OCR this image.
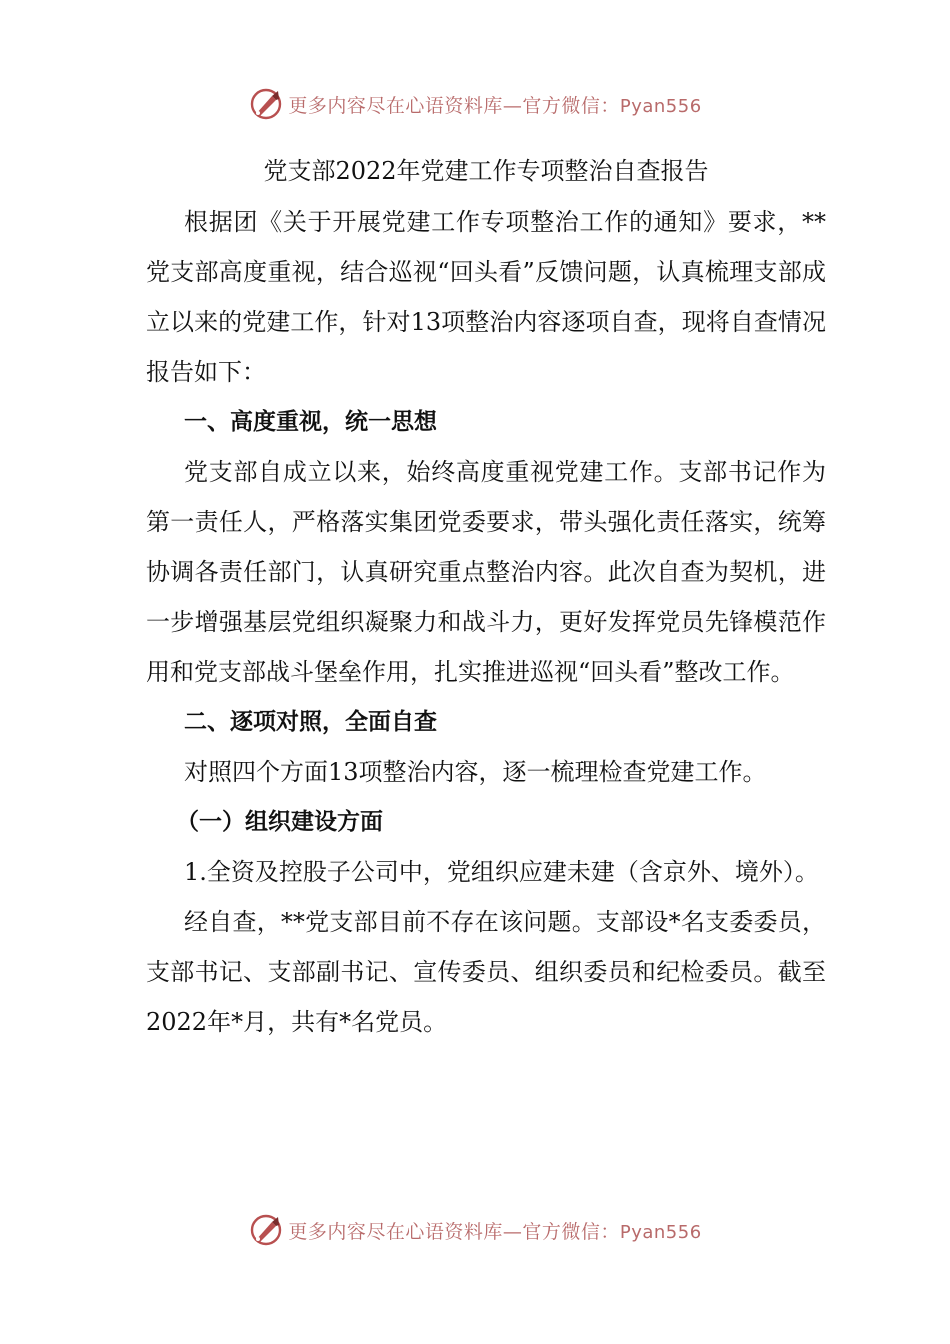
更多内容尽在心语资料库—官方微信：Pyan556

党支部2022年党建工作专项整治自查报告

根据团《关于开展党建工作专项整治工作的通知》要求，**党支部高度重视，结合巡视“回头看”反馈问题，认真梳理支部成立以来的党建工作，针对13项整治内容逐项自查，现将自查情况报告如下：

一、高度重视，统一思想

党支部自成立以来，始终高度重视党建工作。支部书记作为第一责任人，严格落实集团党委要求，带头强化责任落实，统筹协调各责任部门，认真研究重点整治内容。此次自查为契机，进一步增强基层党组织凝聚力和战斗力，更好发挥党员先锋模范作用和党支部战斗堡垒作用，扎实推进巡视“回头看”整改工作。

二、逐项对照，全面自查

对照四个方面13项整治内容，逐一梳理检查党建工作。

（一）组织建设方面

1.全资及控股子公司中，党组织应建未建（含京外、境外）。

经自查，**党支部目前不存在该问题。支部设*名支委委员，支部书记、支部副书记、宣传委员、组织委员和纪检委员。截至2022年*月，共有*名党员。

更多内容尽在心语资料库—官方微信：Pyan556
